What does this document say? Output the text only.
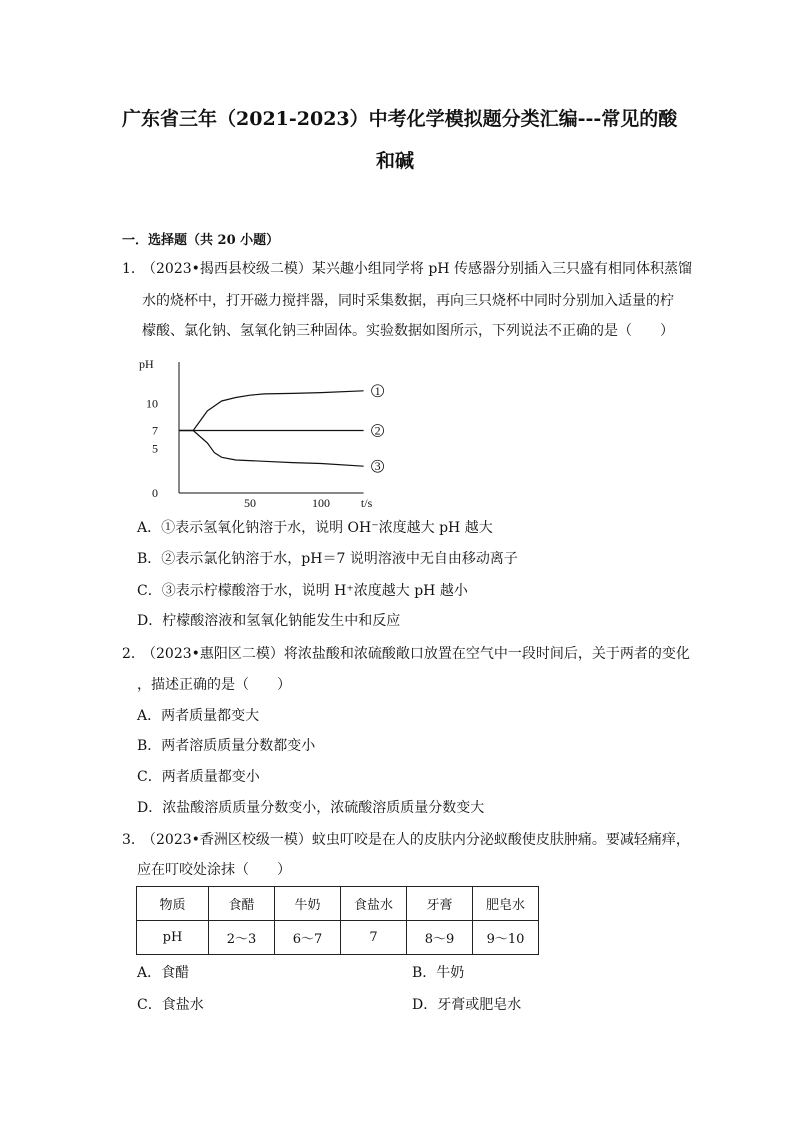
广东省三年（2021-2023）中考化学模拟题分类汇编---常见的酸
和碱
一．选择题（共 20 小题）
1．
（2023•揭西县校级二模）某兴趣小组同学将 pH 传感器分别插入三只盛有相同体积蒸馏
水的烧杯中，打开磁力搅拌器，同时采集数据，再向三只烧杯中同时分别加入适量的柠
檬酸、氯化钠、氢氧化钠三种固体。实验数据如图所示，下列说法不正确的是（　　）
pH
t/s
0
5
7
10
50	100
1
2
3
A．①表示氢氧化钠溶于水，说明 OH⁻浓度越大 pH 越大
B．②表示氯化钠溶于水，pH＝7 说明溶液中无自由移动离子
C．③表示柠檬酸溶于水，说明 H⁺浓度越大 pH 越小
D．柠檬酸溶液和氢氧化钠能发生中和反应
2．
（2023•惠阳区二模）将浓盐酸和浓硫酸敞口放置在空气中一段时间后，关于两者的变化
，描述正确的是（　　）
A．两者质量都变大
B．两者溶质质量分数都变小
C．两者质量都变小
D．浓盐酸溶质质量分数变小，浓硫酸溶质质量分数变大
3．
（2023•香洲区校级一模）蚊虫叮咬是在人的皮肤内分泌蚁酸使皮肤肿痛。要减轻痛痒，
应在叮咬处涂抹（　　）
物质	食醋	牛奶	食盐水	牙膏	肥皂水
pH	2～3	6～7	7	8～9	9～10
A．食醋	B．牛奶
C．食盐水	D．牙膏或肥皂水
